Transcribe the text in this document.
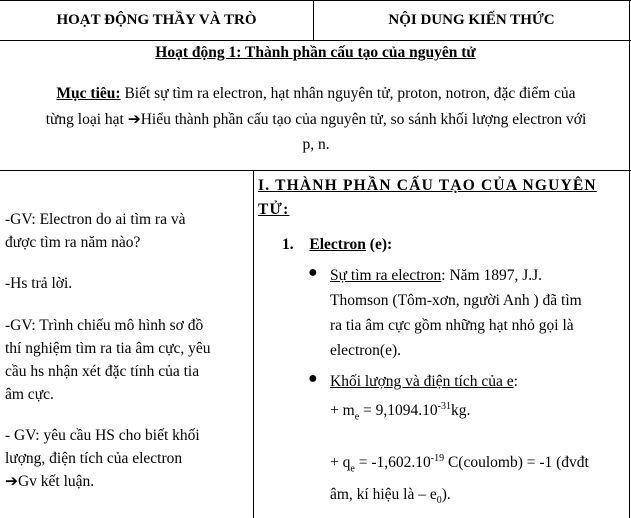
HOẠT ĐỘNG THẦY VÀ TRÒ	NỘI DUNG KIẾN THỨC
Hoạt động 1: Thành phần cấu tạo của nguyên tử
Mục tiêu: Biết sự tìm ra electron, hạt nhân nguyên tử, proton, notron, đặc điểm của
từng loại hạt ➔Hiểu thành phần cấu tạo của nguyên tử, so sánh khối lượng electron với
p, n.

-GV: Electron do ai tìm ra và

được tìm ra năm nào?

-Hs trả lời.

-GV: Trình chiếu mô hình sơ đồ

thí nghiệm tìm ra tia âm cực, yêu

cầu hs nhận xét đặc tính của tia

âm cực.

- GV: yêu cầu HS cho biết khối

lượng, điện tích của electron

➔Gv kết luận.

I. THÀNH PHẦN CẤU TẠO CỦA NGUYÊN
TỬ:
1. Electron (e):
● Sự tìm ra electron: Năm 1897, J.J.
Thomson (Tôm-xơn, người Anh ) đã tìm
ra tia âm cực gồm những hạt nhỏ gọi là
electron(e).
● Khối lượng và điện tích của e:
+ $m_e = 9,1094.10^{-31}kg$.
+ $q_e = -1,602.10^{-19}$ C(coulomb) = -1 (đvđt
âm, kí hiệu là – $e_0$).
